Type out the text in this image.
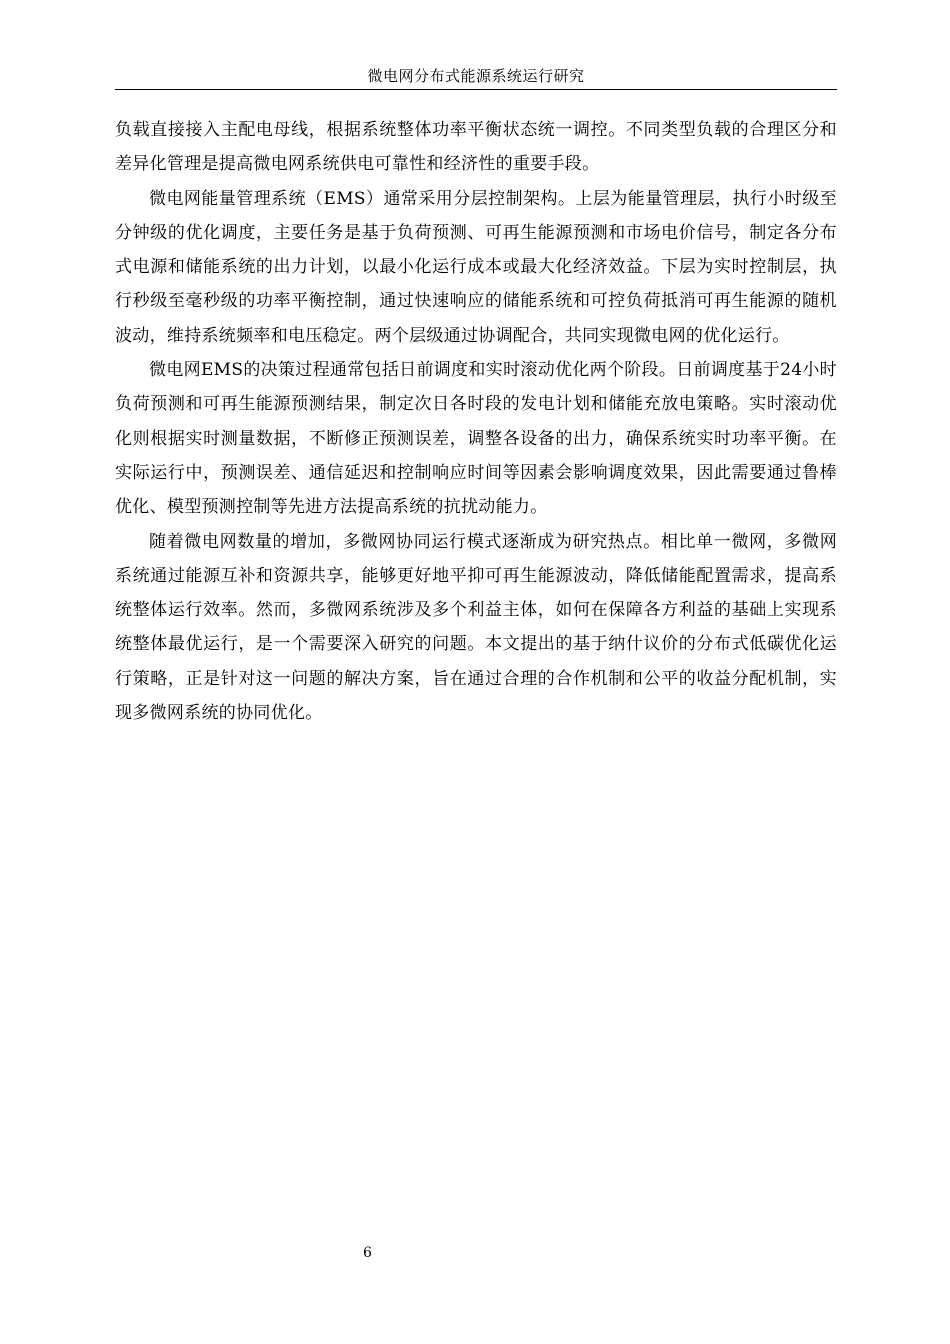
微电网分布式能源系统运行研究

负载直接接入主配电母线，根据系统整体功率平衡状态统一调控。不同类型负载的合理区分和差异化管理是提高微电网系统供电可靠性和经济性的重要手段。

微电网能量管理系统（EMS）通常采用分层控制架构。上层为能量管理层，执行小时级至分钟级的优化调度，主要任务是基于负荷预测、可再生能源预测和市场电价信号，制定各分布式电源和储能系统的出力计划，以最小化运行成本或最大化经济效益。下层为实时控制层，执行秒级至毫秒级的功率平衡控制，通过快速响应的储能系统和可控负荷抵消可再生能源的随机波动，维持系统频率和电压稳定。两个层级通过协调配合，共同实现微电网的优化运行。

微电网EMS的决策过程通常包括日前调度和实时滚动优化两个阶段。日前调度基于24小时负荷预测和可再生能源预测结果，制定次日各时段的发电计划和储能充放电策略。实时滚动优化则根据实时测量数据，不断修正预测误差，调整各设备的出力，确保系统实时功率平衡。在实际运行中，预测误差、通信延迟和控制响应时间等因素会影响调度效果，因此需要通过鲁棒优化、模型预测控制等先进方法提高系统的抗扰动能力。

随着微电网数量的增加，多微网协同运行模式逐渐成为研究热点。相比单一微网，多微网系统通过能源互补和资源共享，能够更好地平抑可再生能源波动，降低储能配置需求，提高系统整体运行效率。然而，多微网系统涉及多个利益主体，如何在保障各方利益的基础上实现系统整体最优运行，是一个需要深入研究的问题。本文提出的基于纳什议价的分布式低碳优化运行策略，正是针对这一问题的解决方案，旨在通过合理的合作机制和公平的收益分配机制，实现多微网系统的协同优化。

6
